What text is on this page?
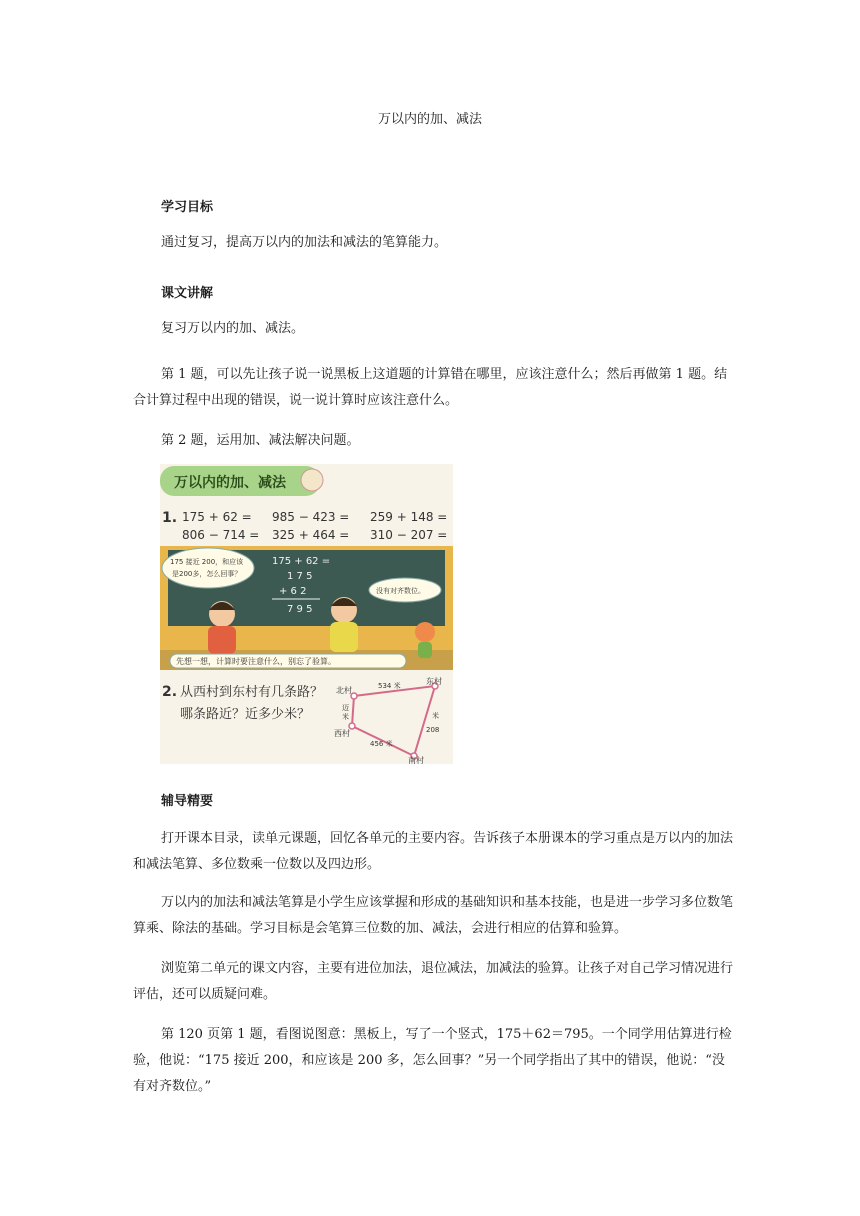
万以内的加、减法
学习目标

通过复习，提高万以内的加法和减法的笔算能力。

课文讲解

复习万以内的加、减法。

第 1 题，可以先让孩子说一说黑板上这道题的计算错在哪里，应该注意什么；然后再做第 1 题。结合计算过程中出现的错误，说一说计算时应该注意什么。

第 2 题，运用加、减法解决问题。

万以内的加、减法
1. 175 + 62 = 985 − 423 = 259 + 148 =
806 − 714 = 325 + 464 = 310 − 207 =
175 接近 200，和应该
是200多，怎么回事？
175 + 62 =
1 7 5
+ 6 2
7 9 5
没有对齐数位。
先想一想，计算时要注意什么，别忘了验算。
2. 从西村到东村有几条路？
哪条路近？近多少米？
北村
东村
西村
南村
534 米
迈
米
456 米
米
208
辅导精要

打开课本目录，读单元课题，回忆各单元的主要内容。告诉孩子本册课本的学习重点是万以内的加法和减法笔算、多位数乘一位数以及四边形。

万以内的加法和减法笔算是小学生应该掌握和形成的基础知识和基本技能，也是进一步学习多位数笔算乘、除法的基础。学习目标是会笔算三位数的加、减法，会进行相应的估算和验算。

浏览第二单元的课文内容，主要有进位加法，退位减法，加减法的验算。让孩子对自己学习情况进行评估，还可以质疑问难。

第 120 页第 1 题，看图说图意：黑板上，写了一个竖式，175＋62＝795。一个同学用估算进行检验，他说：“175 接近 200，和应该是 200 多，怎么回事？”另一个同学指出了其中的错误，他说：“没有对齐数位。”
